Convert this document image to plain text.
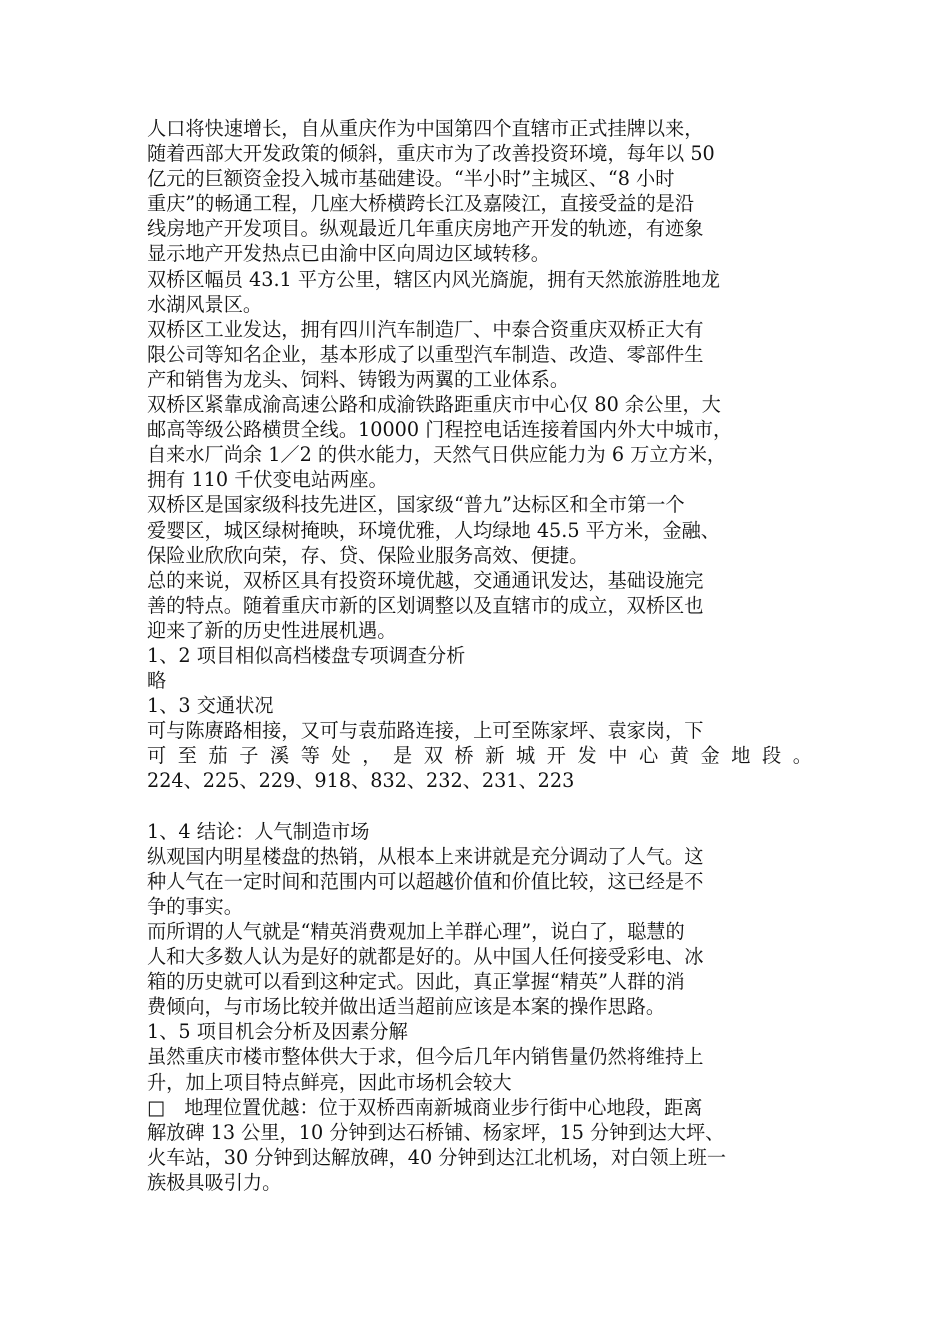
人口将快速增长，自从重庆作为中国第四个直辖市正式挂牌以来，
随着西部大开发政策的倾斜，重庆市为了改善投资环境，每年以 50
亿元的巨额资金投入城市基础建设。“半小时”主城区、“8 小时
重庆”的畅通工程，几座大桥横跨长江及嘉陵江，直接受益的是沿
线房地产开发项目。纵观最近几年重庆房地产开发的轨迹，有迹象
显示地产开发热点已由渝中区向周边区域转移。
双桥区幅员 43.1 平方公里，辖区内风光旖旎，拥有天然旅游胜地龙
水湖风景区。
双桥区工业发达，拥有四川汽车制造厂、中泰合资重庆双桥正大有
限公司等知名企业，基本形成了以重型汽车制造、改造、零部件生
产和销售为龙头、饲料、铸锻为两翼的工业体系。
双桥区紧靠成渝高速公路和成渝铁路距重庆市中心仅 80 余公里，大
邮高等级公路横贯全线。10000 门程控电话连接着国内外大中城市，
自来水厂尚余 1／2 的供水能力，天然气日供应能力为 6 万立方米，
拥有 110 千伏变电站两座。
双桥区是国家级科技先进区，国家级“普九”达标区和全市第一个
爱婴区，城区绿树掩映，环境优雅，人均绿地 45.5 平方米，金融、
保险业欣欣向荣，存、贷、保险业服务高效、便捷。
总的来说，双桥区具有投资环境优越，交通通讯发达，基础设施完
善的特点。随着重庆市新的区划调整以及直辖市的成立，双桥区也
迎来了新的历史性进展机遇。
1、2 项目相似高档楼盘专项调查分析
略
1、3 交通状况
可与陈赓路相接，又可与袁茄路连接，上可至陈家坪、袁家岗，下
可 至 茄 子 溪 等 处 ， 是 双 桥 新 城 开 发 中 心 黄 金 地 段 。
224、225、229、918、832、232、231、223
1、4 结论：人气制造市场
纵观国内明星楼盘的热销，从根本上来讲就是充分调动了人气。这
种人气在一定时间和范围内可以超越价值和价值比较，这已经是不
争的事实。
而所谓的人气就是“精英消费观加上羊群心理”，说白了，聪慧的
人和大多数人认为是好的就都是好的。从中国人任何接受彩电、冰
箱的历史就可以看到这种定式。因此，真正掌握“精英”人群的消
费倾向，与市场比较并做出适当超前应该是本案的操作思路。
1、5 项目机会分析及因素分解
虽然重庆市楼市整体供大于求，但今后几年内销售量仍然将维持上
升，加上项目特点鲜亮，因此市场机会较大
□　地理位置优越：位于双桥西南新城商业步行街中心地段，距离
解放碑 13 公里，10 分钟到达石桥铺、杨家坪，15 分钟到达大坪、
火车站，30 分钟到达解放碑，40 分钟到达江北机场，对白领上班一
族极具吸引力。
